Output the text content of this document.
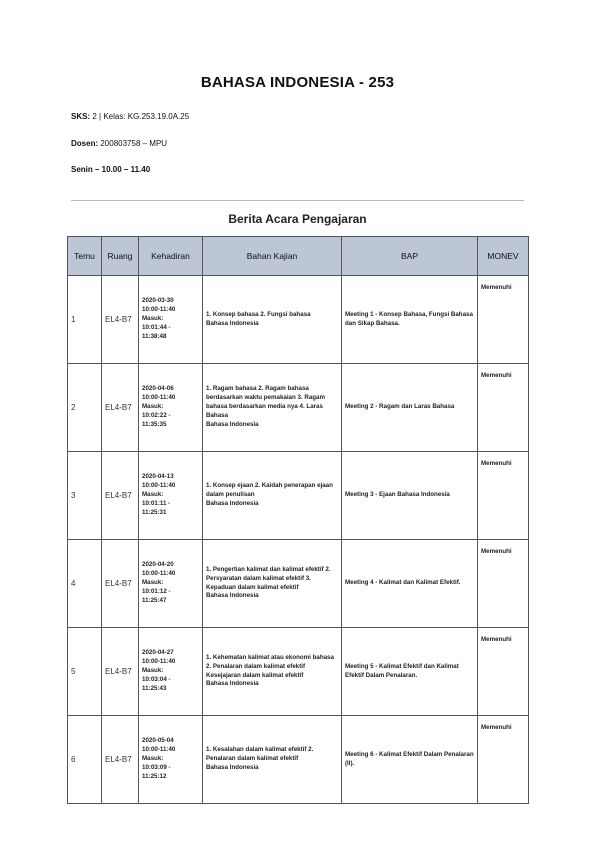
BAHASA INDONESIA - 253
SKS: 2 | Kelas: KG.253.19.0A.25
Dosen: 200803758 – MPU
Senin – 10.00 – 11.40
Berita Acara Pengajaran
Temu	Ruang	Kehadiran	Bahan Kajian	BAP	MONEV
1	EL4-B7	2020-03-30
10:00-11:40
Masuk:
10:01:44 -
11:38:48	1. Konsep bahasa 2. Fungsi bahasa
Bahasa Indonesia	Meeting 1 - Konsep Bahasa, Fungsi Bahasa dan Sikap Bahasa.	Memenuhi
2	EL4-B7	2020-04-06
10:00-11:40
Masuk:
10:02:22 -
11:35:35	1. Ragam bahasa 2. Ragam bahasa berdasarkan waktu pemakaian 3. Ragam bahasa berdasarkan media nya 4. Laras Bahasa
Bahasa Indonesia	Meeting 2 - Ragam dan Laras Bahasa	Memenuhi
3	EL4-B7	2020-04-13
10:00-11:40
Masuk:
10:01:11 -
11:25:31	1. Konsep ejaan 2. Kaidah penerapan ejaan dalam penulisan
Bahasa Indonesia	Meeting 3 - Ejaan Bahasa Indonesia	Memenuhi
4	EL4-B7	2020-04-20
10:00-11:40
Masuk:
10:01:12 -
11:25:47	1. Pengertian kalimat dan kalimat efektif 2. Persyaratan dalam kalimat efektif 3. Kepaduan dalam kalimat efektif
Bahasa Indonesia	Meeting 4 - Kalimat dan Kalimat Efektif.	Memenuhi
5	EL4-B7	2020-04-27
10:00-11:40
Masuk:
10:03:04 -
11:25:43	1. Kehematan kalimat atau ekonomi bahasa 2. Penalaran dalam kalimat efektif Kesejajaran dalam kalimat efektif
Bahasa Indonesia	Meeting 5 - Kalimat Efektif dan Kalimat Efektif Dalam Penalaran.	Memenuhi
6	EL4-B7	2020-05-04
10:00-11:40
Masuk:
10:03:09 -
11:25:12	1. Kesalahan dalam kalimat efektif 2. Penalaran dalam kalimat efektif
Bahasa Indonesia	Meeting 6 - Kalimat Efektif Dalam Penalaran (II).	Memenuhi
